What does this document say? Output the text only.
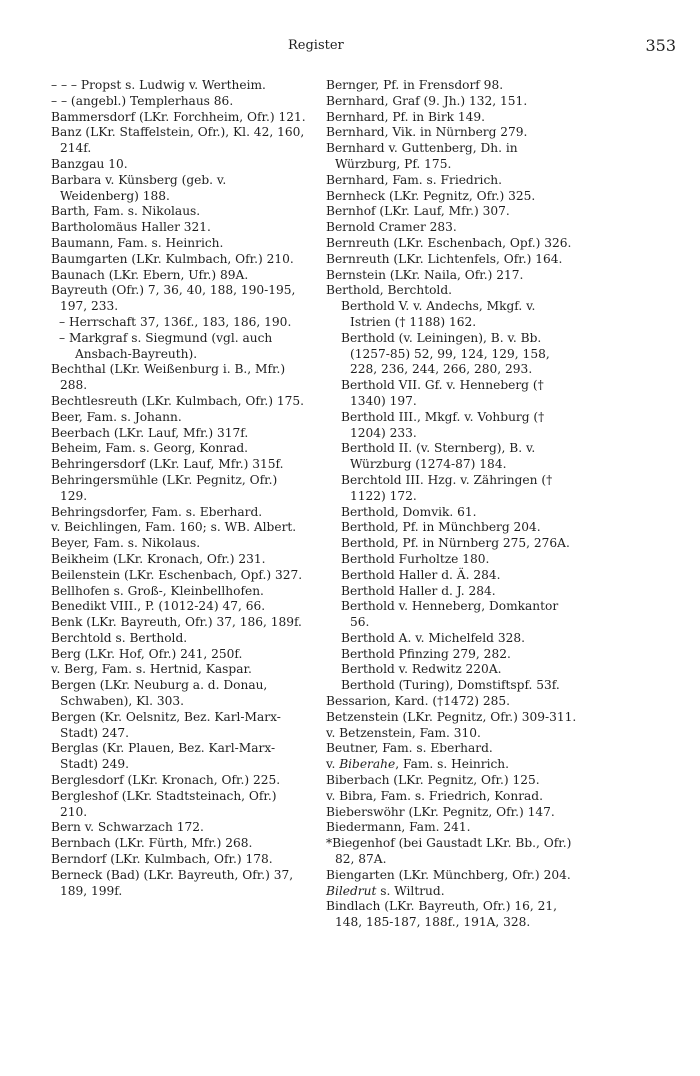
Register	353

– – – Propst s. Ludwig v. Wertheim.

– – (angebl.) Templerhaus 86.

Bammersdorf (LKr. Forchheim, Ofr.) 121.

Banz (LKr. Staffelstein, Ofr.), Kl. 42, 160, 214f.

Banzgau 10.

Barbara v. Künsberg (geb. v. Weidenberg) 188.

Barth, Fam. s. Nikolaus.

Bartholomäus Haller 321.

Baumann, Fam. s. Heinrich.

Baumgarten (LKr. Kulmbach, Ofr.) 210.

Baunach (LKr. Ebern, Ufr.) 89A.

Bayreuth (Ofr.) 7, 36, 40, 188, 190-195, 197, 233.

– Herrschaft 37, 136f., 183, 186, 190.

– Markgraf s. Siegmund (vgl. auch Ansbach-Bayreuth).

Bechthal (LKr. Weißenburg i. B., Mfr.) 288.

Bechtlesreuth (LKr. Kulmbach, Ofr.) 175.

Beer, Fam. s. Johann.

Beerbach (LKr. Lauf, Mfr.) 317f.

Beheim, Fam. s. Georg, Konrad.

Behringersdorf (LKr. Lauf, Mfr.) 315f.

Behringersmühle (LKr. Pegnitz, Ofr.) 129.

Behringsdorfer, Fam. s. Eberhard.

v. Beichlingen, Fam. 160; s. WB. Albert.

Beyer, Fam. s. Nikolaus.

Beikheim (LKr. Kronach, Ofr.) 231.

Beilenstein (LKr. Eschenbach, Opf.) 327.

Bellhofen s. Groß-, Kleinbellhofen.

Benedikt VIII., P. (1012-24) 47, 66.

Benk (LKr. Bayreuth, Ofr.) 37, 186, 189f.

Berchtold s. Berthold.

Berg (LKr. Hof, Ofr.) 241, 250f.

v. Berg, Fam. s. Hertnid, Kaspar.

Bergen (LKr. Neuburg a. d. Donau, Schwaben), Kl. 303.

Bergen (Kr. Oelsnitz, Bez. Karl-Marx-Stadt) 247.

Berglas (Kr. Plauen, Bez. Karl-Marx-Stadt) 249.

Berglesdorf (LKr. Kronach, Ofr.) 225.

Bergleshof (LKr. Stadtsteinach, Ofr.) 210.

Bern v. Schwarzach 172.

Bernbach (LKr. Fürth, Mfr.) 268.

Berndorf (LKr. Kulmbach, Ofr.) 178.

Berneck (Bad) (LKr. Bayreuth, Ofr.) 37, 189, 199f.

Bernger, Pf. in Frensdorf 98.

Bernhard, Graf (9. Jh.) 132, 151.

Bernhard, Pf. in Birk 149.

Bernhard, Vik. in Nürnberg 279.

Bernhard v. Guttenberg, Dh. in Würzburg, Pf. 175.

Bernhard, Fam. s. Friedrich.

Bernheck (LKr. Pegnitz, Ofr.) 325.

Bernhof (LKr. Lauf, Mfr.) 307.

Bernold Cramer 283.

Bernreuth (LKr. Eschenbach, Opf.) 326.

Bernreuth (LKr. Lichtenfels, Ofr.) 164.

Bernstein (LKr. Naila, Ofr.) 217.

Berthold, Berchtold.

Berthold V. v. Andechs, Mkgf. v. Istrien († 1188) 162.

Berthold (v. Leiningen), B. v. Bb. (1257-85) 52, 99, 124, 129, 158, 228, 236, 244, 266, 280, 293.

Berthold VII. Gf. v. Henneberg († 1340) 197.

Berthold III., Mkgf. v. Vohburg († 1204) 233.

Berthold II. (v. Sternberg), B. v. Würzburg (1274-87) 184.

Berchtold III. Hzg. v. Zähringen († 1122) 172.

Berthold, Domvik. 61.

Berthold, Pf. in Münchberg 204.

Berthold, Pf. in Nürnberg 275, 276A.

Berthold Furholtze 180.

Berthold Haller d. Ä. 284.

Berthold Haller d. J. 284.

Berthold v. Henneberg, Domkantor 56.

Berthold A. v. Michelfeld 328.

Berthold Pfinzing 279, 282.

Berthold v. Redwitz 220A.

Berthold (Turing), Domstiftspf. 53f.

Bessarion, Kard. (†1472) 285.

Betzenstein (LKr. Pegnitz, Ofr.) 309-311.

v. Betzenstein, Fam. 310.

Beutner, Fam. s. Eberhard.

v. Biberahe, Fam. s. Heinrich.

Biberbach (LKr. Pegnitz, Ofr.) 125.

v. Bibra, Fam. s. Friedrich, Konrad.

Bieberswöhr (LKr. Pegnitz, Ofr.) 147.

Biedermann, Fam. 241.

*Biegenhof (bei Gaustadt LKr. Bb., Ofr.) 82, 87A.

Biengarten (LKr. Münchberg, Ofr.) 204.

Biledrut s. Wiltrud.

Bindlach (LKr. Bayreuth, Ofr.) 16, 21, 148, 185-187, 188f., 191A, 328.
